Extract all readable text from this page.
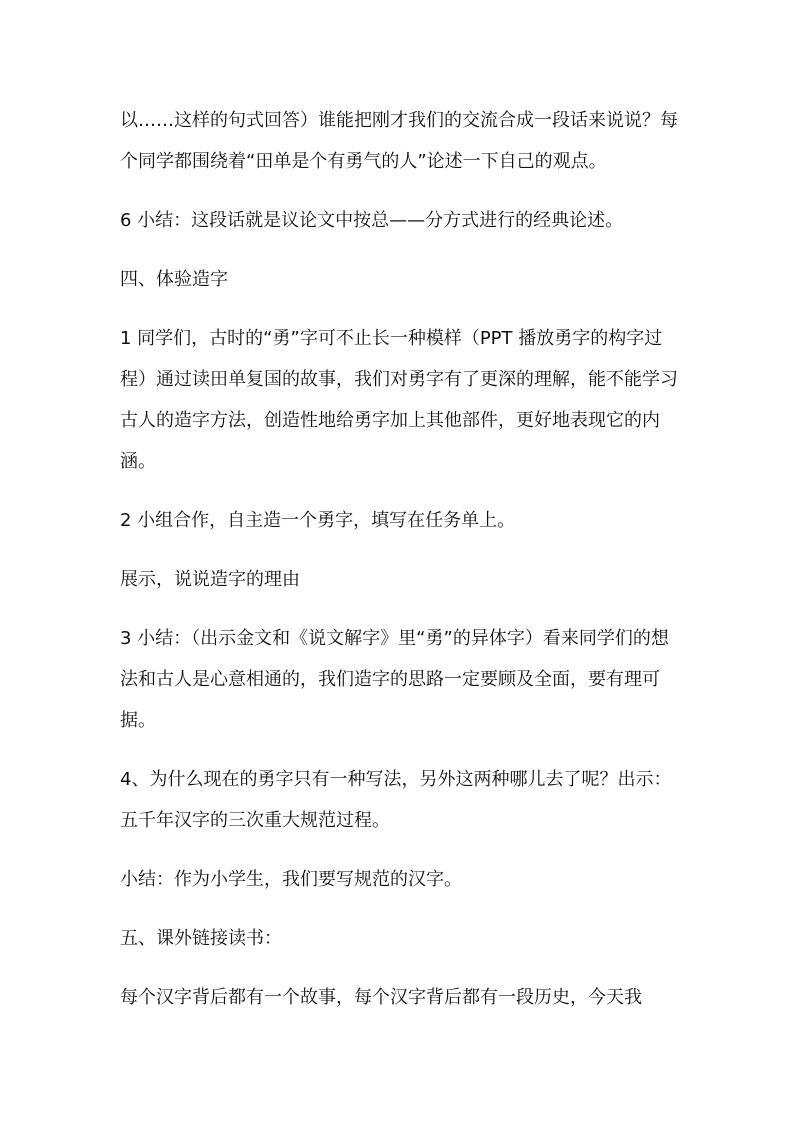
以……这样的句式回答）谁能把刚才我们的交流合成一段话来说说？每个同学都围绕着“田单是个有勇气的人”论述一下自己的观点。

6 小结：这段话就是议论文中按总——分方式进行的经典论述。

四、体验造字

1 同学们，古时的“勇”字可不止长一种模样（PPT 播放勇字的构字过程）通过读田单复国的故事，我们对勇字有了更深的理解，能不能学习古人的造字方法，创造性地给勇字加上其他部件，更好地表现它的内涵。

2 小组合作，自主造一个勇字，填写在任务单上。

展示，说说造字的理由

3 小结：（出示金文和《说文解字》里“勇”的异体字）看来同学们的想法和古人是心意相通的，我们造字的思路一定要顾及全面，要有理可据。

4、为什么现在的勇字只有一种写法，另外这两种哪儿去了呢？出示：五千年汉字的三次重大规范过程。

小结：作为小学生，我们要写规范的汉字。

五、课外链接读书：

每个汉字背后都有一个故事，每个汉字背后都有一段历史，今天我
